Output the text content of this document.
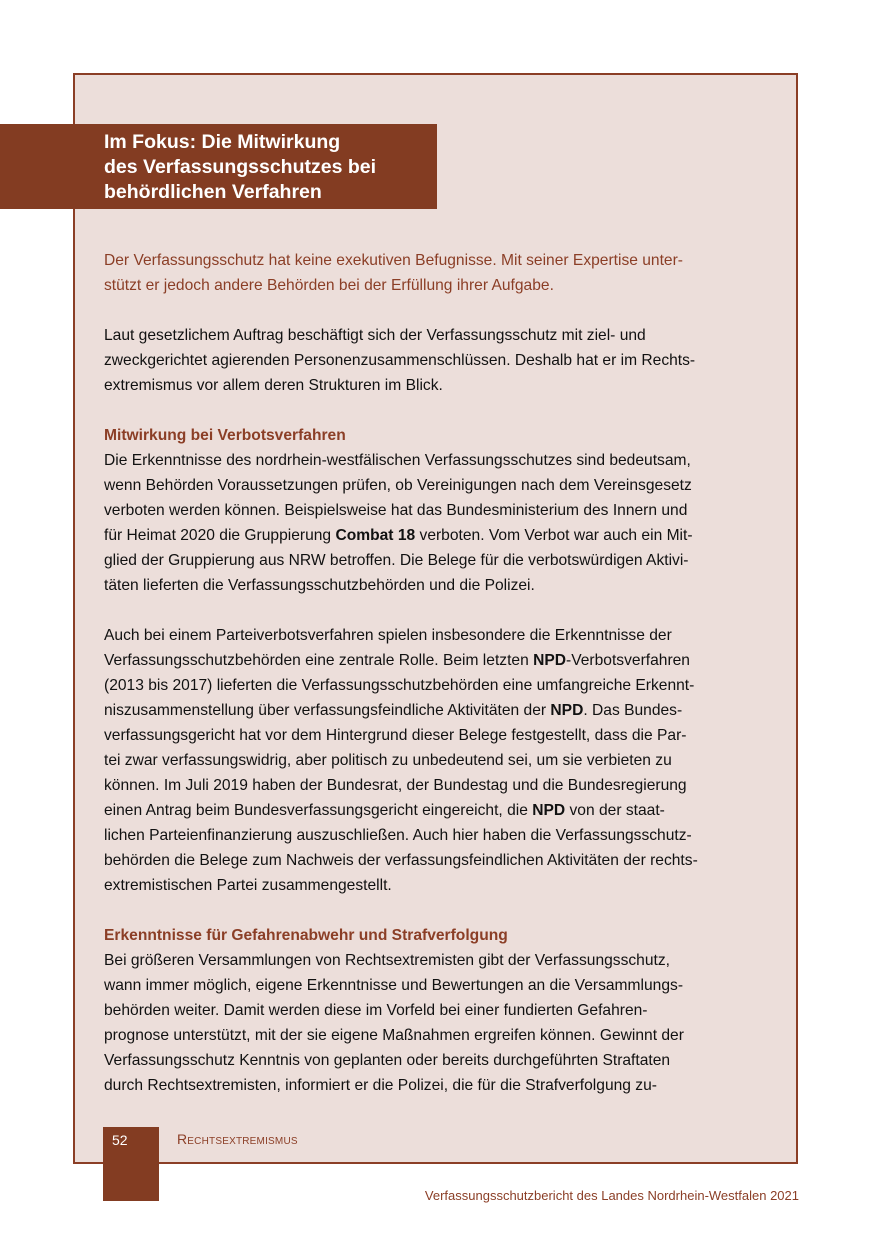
Im Fokus: Die Mitwirkung
des Verfassungsschutzes bei
behördlichen Verfahren
Der Verfassungsschutz hat keine exekutiven Befugnisse. Mit seiner Expertise unter-
stützt er jedoch andere Behörden bei der Erfüllung ihrer Aufgabe.
Laut gesetzlichem Auftrag beschäftigt sich der Verfassungsschutz mit ziel- und
zweckgerichtet agierenden Personenzusammenschlüssen. Deshalb hat er im Rechts-
extremismus vor allem deren Strukturen im Blick.
Mitwirkung bei Verbotsverfahren
Die Erkenntnisse des nordrhein-westfälischen Verfassungsschutzes sind bedeutsam,
wenn Behörden Voraussetzungen prüfen, ob Vereinigungen nach dem Vereinsgesetz
verboten werden können. Beispielsweise hat das Bundesministerium des Innern und
für Heimat 2020 die Gruppierung Combat 18 verboten. Vom Verbot war auch ein Mit-
glied der Gruppierung aus NRW betroffen. Die Belege für die verbotswürdigen Aktivi-
täten lieferten die Verfassungsschutzbehörden und die Polizei.
Auch bei einem Parteiverbotsverfahren spielen insbesondere die Erkenntnisse der
Verfassungsschutzbehörden eine zentrale Rolle. Beim letzten NPD-Verbotsverfahren
(2013 bis 2017) lieferten die Verfassungsschutzbehörden eine umfangreiche Erkennt-
niszusammenstellung über verfassungsfeindliche Aktivitäten der NPD. Das Bundes-
verfassungsgericht hat vor dem Hintergrund dieser Belege festgestellt, dass die Par-
tei zwar verfassungswidrig, aber politisch zu unbedeutend sei, um sie verbieten zu
können. Im Juli 2019 haben der Bundesrat, der Bundestag und die Bundesregierung
einen Antrag beim Bundesverfassungsgericht eingereicht, die NPD von der staat-
lichen Parteienfinanzierung auszuschließen. Auch hier haben die Verfassungsschutz-
behörden die Belege zum Nachweis der verfassungsfeindlichen Aktivitäten der rechts-
extremistischen Partei zusammengestellt.
Erkenntnisse für Gefahrenabwehr und Strafverfolgung
Bei größeren Versammlungen von Rechtsextremisten gibt der Verfassungsschutz,
wann immer möglich, eigene Erkenntnisse und Bewertungen an die Versammlungs-
behörden weiter. Damit werden diese im Vorfeld bei einer fundierten Gefahren-
prognose unterstützt, mit der sie eigene Maßnahmen ergreifen können. Gewinnt der
Verfassungsschutz Kenntnis von geplanten oder bereits durchgeführten Straftaten
durch Rechtsextremisten, informiert er die Polizei, die für die Strafverfolgung zu-
52	Rechtsextremismus
Verfassungsschutzbericht des Landes Nordrhein-Westfalen 2021
